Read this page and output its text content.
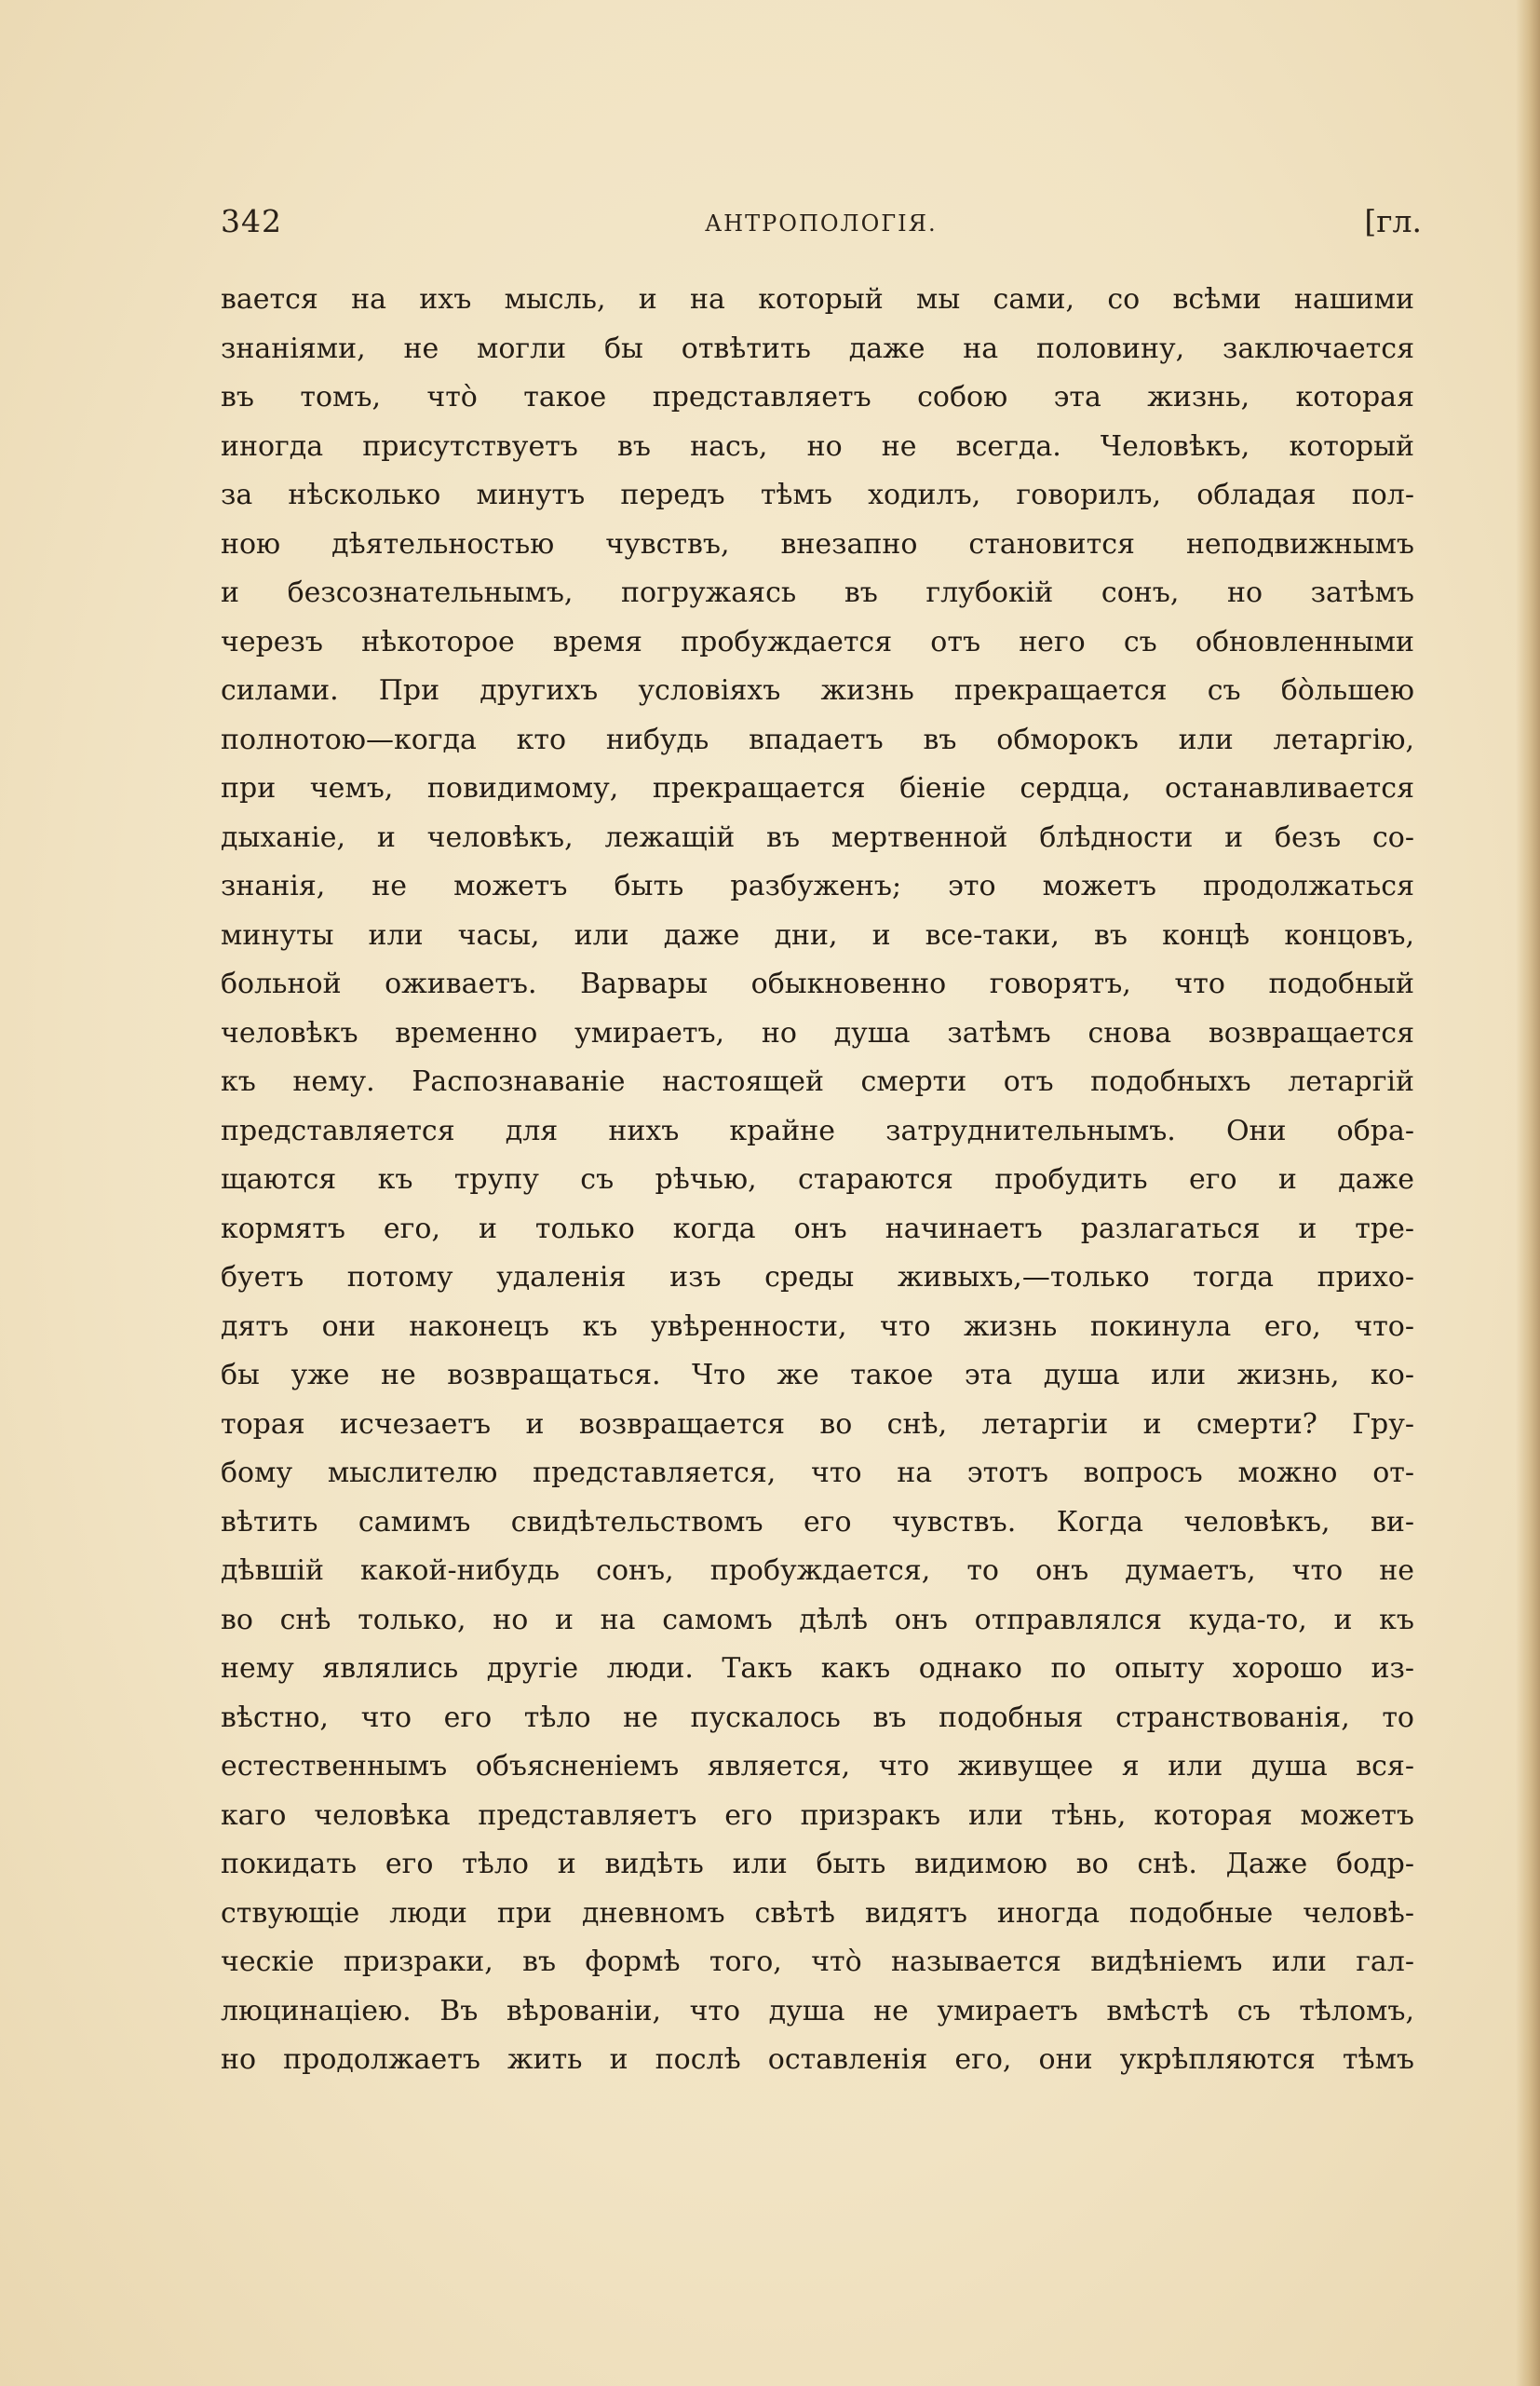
342	АНТРОПОЛОГІЯ.	[гл.
вается на ихъ мысль, и на который мы сами, со всѣми нашими
знаніями, не могли бы отвѣтить даже на половину, заключается
въ томъ, чтò такое представляетъ собою эта жизнь, которая
иногда присутствуетъ въ насъ, но не всегда. Человѣкъ, который
за нѣсколько минутъ передъ тѣмъ ходилъ, говорилъ, обладая пол-
ною дѣятельностью чувствъ, внезапно становится неподвижнымъ
и безсознательнымъ, погружаясь въ глубокій сонъ, но затѣмъ
черезъ нѣкоторое время пробуждается отъ него съ обновленными
силами. При другихъ условіяхъ жизнь прекращается съ бòльшею
полнотою—когда кто нибудь впадаетъ въ обморокъ или летаргію,
при чемъ, повидимому, прекращается біеніе сердца, останавливается
дыханіе, и человѣкъ, лежащій въ мертвенной блѣдности и безъ со-
знанія, не можетъ быть разбуженъ; это можетъ продолжаться
минуты или часы, или даже дни, и все-таки, въ концѣ концовъ,
больной оживаетъ. Варвары обыкновенно говорятъ, что подобный
человѣкъ временно умираетъ, но душа затѣмъ снова возвращается
къ нему. Распознаваніе настоящей смерти отъ подобныхъ летаргій
представляется для нихъ крайне затруднительнымъ. Они обра-
щаются къ трупу съ рѣчью, стараются пробудить его и даже
кормятъ его, и только когда онъ начинаетъ разлагаться и тре-
буетъ потому удаленія изъ среды живыхъ,—только тогда прихо-
дятъ они наконецъ къ увѣренности, что жизнь покинула его, что-
бы уже не возвращаться. Что же такое эта душа или жизнь, ко-
торая исчезаетъ и возвращается во снѣ, летаргіи и смерти? Гру-
бому мыслителю представляется, что на этотъ вопросъ можно от-
вѣтить самимъ свидѣтельствомъ его чувствъ. Когда человѣкъ, ви-
дѣвшій какой-нибудь сонъ, пробуждается, то онъ думаетъ, что не
во снѣ только, но и на самомъ дѣлѣ онъ отправлялся куда-то, и къ
нему являлись другіе люди. Такъ какъ однако по опыту хорошо из-
вѣстно, что его тѣло не пускалось въ подобныя странствованія, то
естественнымъ объясненіемъ является, что живущее я или душа вся-
каго человѣка представляетъ его призракъ или тѣнь, которая можетъ
покидать его тѣло и видѣть или быть видимою во снѣ. Даже бодр-
ствующіе люди при дневномъ свѣтѣ видятъ иногда подобные человѣ-
ческіе призраки, въ формѣ того, чтò называется видѣніемъ или гал-
люцинаціею. Въ вѣрованіи, что душа не умираетъ вмѣстѣ съ тѣломъ,
но продолжаетъ жить и послѣ оставленія его, они укрѣпляются тѣмъ
